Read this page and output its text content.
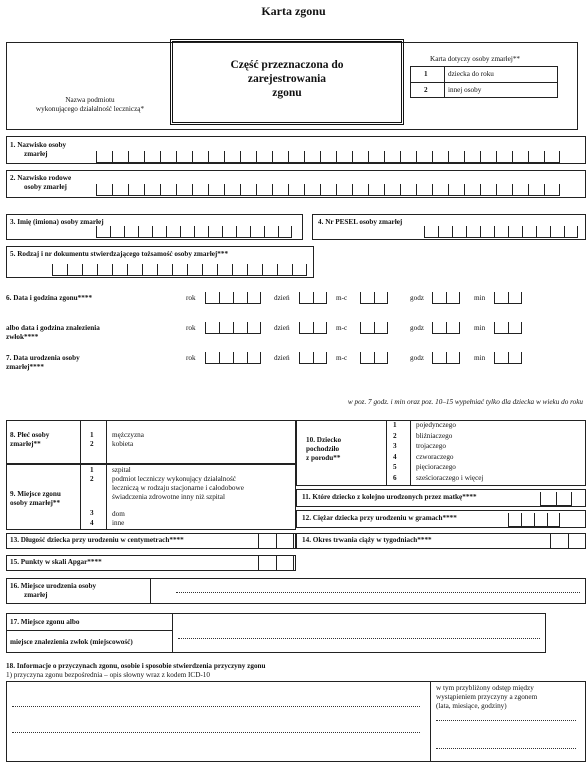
Karta zgonu
Nazwa podmiotu
wykonującego działalność leczniczą*
Część przeznaczona do
zarejestrowania
zgonu
Karta dotyczy osoby zmarłej**
1	dziecka do roku
2	innej osoby
1. Nazwisko osoby
zmarłej
2. Nazwisko rodowe
osoby zmarłej
3. Imię (imiona) osoby zmarłej	4. Nr PESEL osoby zmarłej
5. Rodzaj i nr dokumentu stwierdzającego tożsamość osoby zmarłej***
6. Data i godzina zgonu****	rok	dzień	m-c	godz	min
albo data i godzina znalezienia
zwłok****
rok	dzień	m-c	godz	min
7. Data urodzenia osoby
zmarłej****
rok	dzień	m-c	godz	min
w poz. 7 godz. i min oraz poz. 10–15 wypełniać tylko dla dziecka w wieku do roku
8. Płeć osoby
zmarłej**
1	mężczyzna
2	kobieta
9. Miejsce zgonu
osoby zmarłej**
1	szpital
2	podmiot leczniczy wykonujący działalność
leczniczą w rodzaju stacjonarne i całodobowe
świadczenia zdrowotne inny niż szpital
3	dom
4	inne
10. Dziecko
pochodziło
z porodu**
1	pojedynczego
2	bliźniaczego
3	trojaczego
4	czworaczego
5	pięcioraczego
6	sześcioraczego i więcej
11. Które dziecko z kolejno urodzonych przez matkę****
12. Ciężar dziecka przy urodzeniu w gramach****
13. Długość dziecka przy urodzeniu w centymetrach****	14. Okres trwania ciąży w tygodniach****
15. Punkty w skali Apgar****
16. Miejsce urodzenia osoby
zmarłej
17. Miejsce zgonu albo
miejsce znalezienia zwłok (miejscowość)
18. Informacje o przyczynach zgonu, osobie i sposobie stwierdzenia przyczyny zgonu
1) przyczyna zgonu bezpośrednia – opis słowny wraz z kodem ICD-10
w tym przybliżony odstęp między
wystąpieniem przyczyny a zgonem
(lata, miesiące, godziny)
